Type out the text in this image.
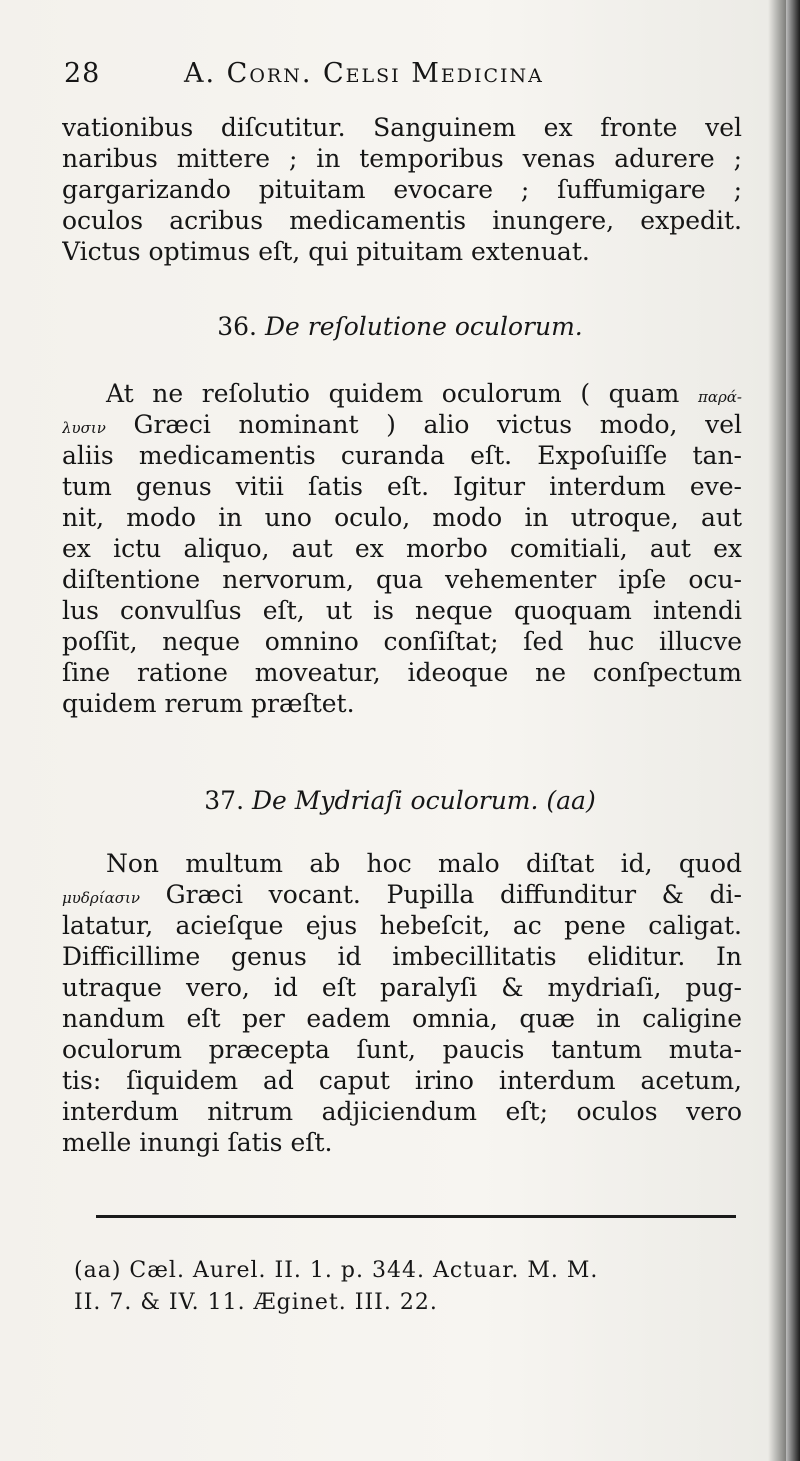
28	A. Corn. Celsi Medicina
vationibus diſcutitur. Sanguinem ex fronte vel
naribus mittere ; in temporibus venas adurere ;
gargarizando pituitam evocare ; ſuffumigare ;
oculos acribus medicamentis inungere, expedit.
Victus optimus eſt, qui pituitam extenuat.
36. De reſolutione oculorum.
At ne reſolutio quidem oculorum ( quam παρά-
λυσιν Græci nominant ) alio victus modo, vel
aliis medicamentis curanda eſt. Expoſuiſſe tan-
tum genus vitii ſatis eſt. Igitur interdum eve-
nit, modo in uno oculo, modo in utroque, aut
ex ictu aliquo, aut ex morbo comitiali, aut ex
diſtentione nervorum, qua vehementer ipſe ocu-
lus convulſus eſt, ut is neque quoquam intendi
poſſit, neque omnino conſiſtat; ſed huc illucve
ſine ratione moveatur, ideoque ne conſpectum
quidem rerum præſtet.
37. De Mydriaſi oculorum. (aa)
Non multum ab hoc malo diſtat id, quod
μυδρίασιν Græci vocant. Pupilla diffunditur & di-
latatur, acieſque ejus hebeſcit, ac pene caligat.
Difficillime genus id imbecillitatis eliditur. In
utraque vero, id eſt paralyſi & mydriaſi, pug-
nandum eſt per eadem omnia, quæ in caligine
oculorum præcepta ſunt, paucis tantum muta-
tis: ſiquidem ad caput irino interdum acetum,
interdum nitrum adjiciendum eſt; oculos vero
melle inungi ſatis eſt.
(aa) Cæl. Aurel. II. 1. p. 344. Actuar. M. M.
II. 7. & IV. 11. Æginet. III. 22.
